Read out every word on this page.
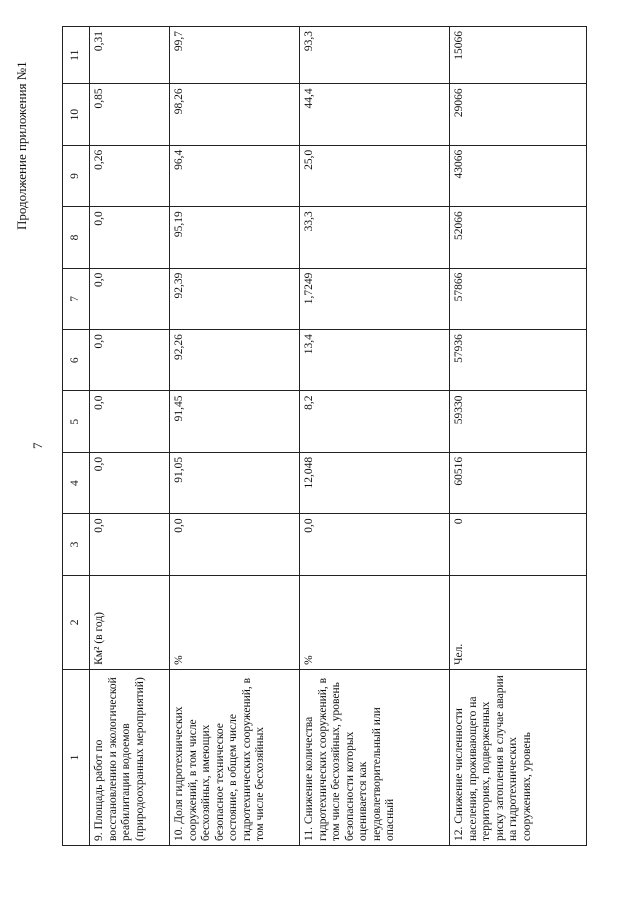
7
Продолжение приложения №1
1	2	3	4	5	6	7	8	9	10	11
9. Площадь работ по восстановлению и экологической реабилитации водоемов (природоохранных мероприятий)	Км² (в год)	0,0	0,0	0,0	0,0	0,0	0,0	0,26	0,85	0,31
10. Доля гидротехнических сооружений, в том числе бесхозяйных, имеющих безопасное техническое состояние, в общем числе гидротехнических сооружений, в том числе бесхозяйных	%	0,0	91,05	91,45	92,26	92,39	95,19	96,4	98,26	99,7
11. Снижение количества гидротехнических сооружений, в том числе бесхозяйных, уровень безопасности которых оценивается как неудовлетворительный или опасный	%	0,0	12,048	8,2	13,4	1,7249	33,3	25,0	44,4	93,3
12. Снижение численности населения, проживающего на территориях, подверженных риску затопления в случае аварии на гидротехнических сооружениях, уровень	Чел.	0	60516	59330	57936	57866	52066	43066	29066	15066
